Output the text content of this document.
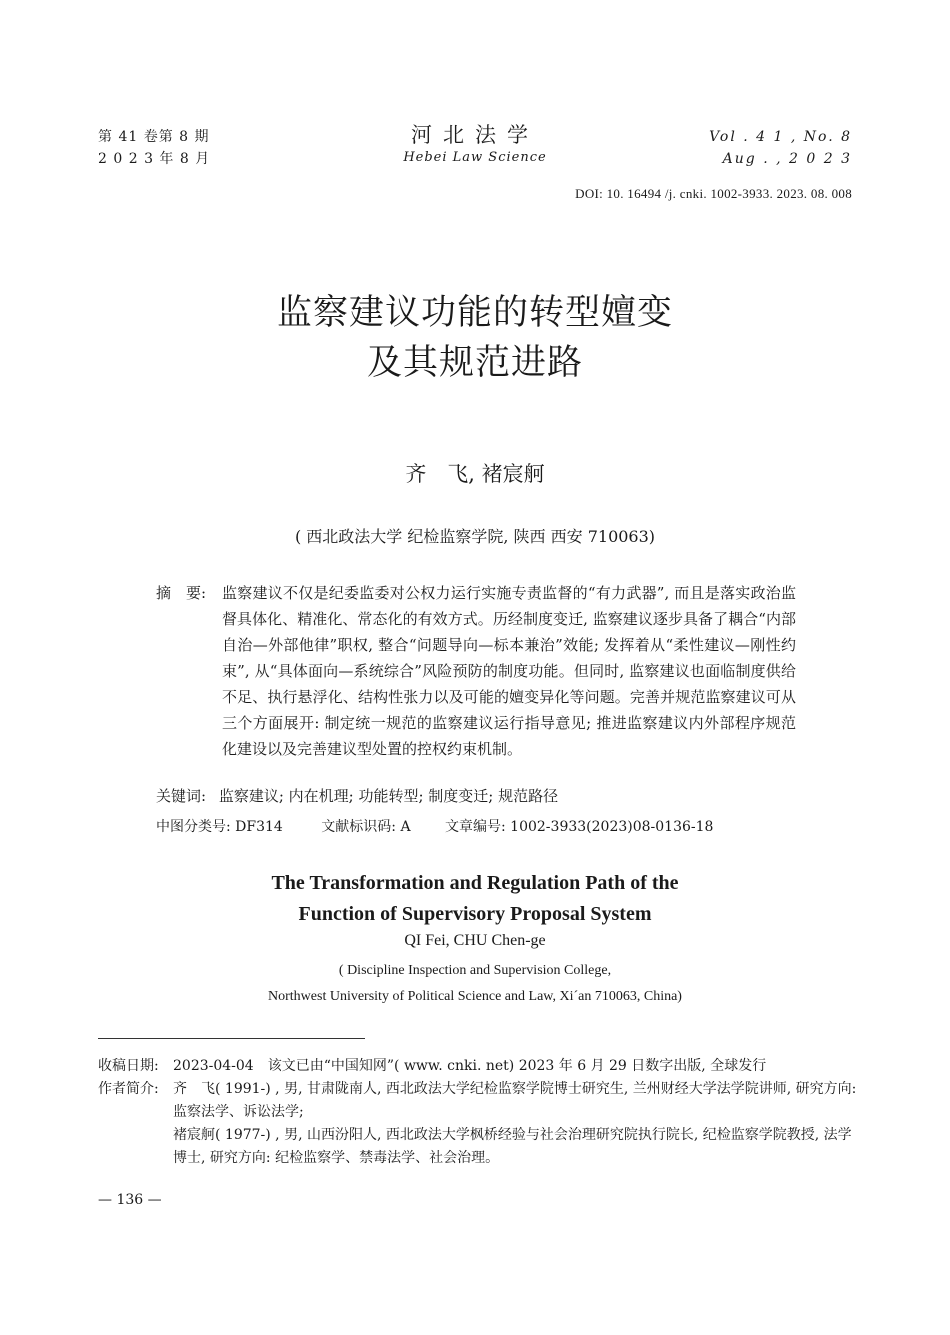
第 41 卷第 8 期
2 0 2 3 年 8 月
河北法学
Hebei Law Science
Vol . 4 1 , No. 8
Aug . , 2 0 2 3
DOI: 10. 16494 /j. cnki. 1002-3933. 2023. 08. 008
监察建议功能的转型嬗变
及其规范进路
齐　飞, 褚宸舸
( 西北政法大学 纪检监察学院, 陕西 西安 710063)
摘　要:	监察建议不仅是纪委监委对公权力运行实施专责监督的“有力武器”, 而且是落实政治监督具体化、精准化、常态化的有效方式。历经制度变迁, 监察建议逐步具备了耦合“内部自治—外部他律”职权, 整合“问题导向—标本兼治”效能; 发挥着从“柔性建议—刚性约束”, 从“具体面向—系统综合”风险预防的制度功能。但同时, 监察建议也面临制度供给不足、执行悬浮化、结构性张力以及可能的嬗变异化等问题。完善并规范监察建议可从三个方面展开: 制定统一规范的监察建议运行指导意见; 推进监察建议内外部程序规范化建设以及完善建议型处置的控权约束机制。
关键词: 监察建议; 内在机理; 功能转型; 制度变迁; 规范路径
中图分类号: DF314	文献标识码: A 文章编号: 1002-3933(2023)08-0136-18
The Transformation and Regulation Path of the
Function of Supervisory Proposal System
QI Fei, CHU Chen-ge
( Discipline Inspection and Supervision College,
Northwest University of Political Science and Law, Xi´an 710063, China)
收稿日期: 2023-04-04　该文已由“中国知网”( www. cnki. net) 2023 年 6 月 29 日数字出版, 全球发行
作者简介: 齐　飞( 1991-) , 男, 甘肃陇南人, 西北政法大学纪检监察学院博士研究生, 兰州财经大学法学院讲师, 研究方向: 监察法学、诉讼法学;
褚宸舸( 1977-) , 男, 山西汾阳人, 西北政法大学枫桥经验与社会治理研究院执行院长, 纪检监察学院教授, 法学博士, 研究方向: 纪检监察学、禁毒法学、社会治理。
— 136 —
